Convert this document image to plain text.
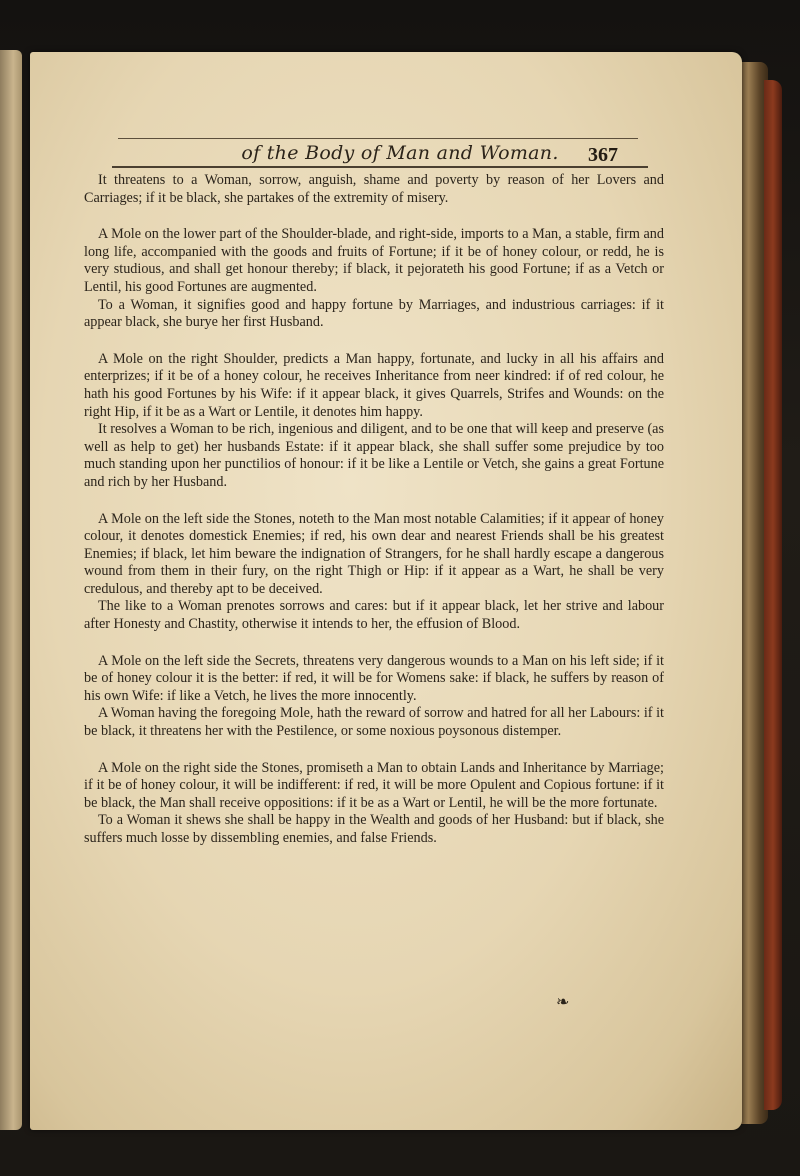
of the Body of Man and Woman.	367

It threatens to a Woman, sorrow, anguish, shame and poverty by reason of her Lovers and Carriages; if it be black, she partakes of the extremity of misery.

A Mole on the lower part of the Shoulder-blade, and right-side, imports to a Man, a stable, firm and long life, accompanied with the goods and fruits of Fortune; if it be of honey colour, or redd, he is very studious, and shall get honour thereby; if black, it pejorateth his good Fortune; if as a Vetch or Lentil, his good Fortunes are augmented.

To a Woman, it signifies good and happy fortune by Marriages, and industrious carriages: if it appear black, she burye her first Husband.

A Mole on the right Shoulder, predicts a Man happy, fortunate, and lucky in all his affairs and enterprizes; if it be of a honey colour, he receives Inheritance from neer kindred: if of red colour, he hath his good Fortunes by his Wife: if it appear black, it gives Quarrels, Strifes and Wounds: on the right Hip, if it be as a Wart or Lentile, it denotes him happy.

It resolves a Woman to be rich, ingenious and diligent, and to be one that will keep and preserve (as well as help to get) her husbands Estate: if it appear black, she shall suffer some prejudice by too much standing upon her punctilios of honour: if it be like a Lentile or Vetch, she gains a great Fortune and rich by her Husband.

A Mole on the left side the Stones, noteth to the Man most notable Calamities; if it appear of honey colour, it denotes domestick Enemies; if red, his own dear and nearest Friends shall be his greatest Enemies; if black, let him beware the indignation of Strangers, for he shall hardly escape a dangerous wound from them in their fury, on the right Thigh or Hip: if it appear as a Wart, he shall be very credulous, and thereby apt to be deceived.

The like to a Woman prenotes sorrows and cares: but if it appear black, let her strive and labour after Honesty and Chastity, otherwise it intends to her, the effusion of Blood.

A Mole on the left side the Secrets, threatens very dangerous wounds to a Man on his left side; if it be of honey colour it is the better: if red, it will be for Womens sake: if black, he suffers by reason of his own Wife: if like a Vetch, he lives the more innocently.

A Woman having the foregoing Mole, hath the reward of sorrow and hatred for all her Labours: if it be black, it threatens her with the Pestilence, or some noxious poysonous distemper.

A Mole on the right side the Stones, promiseth a Man to obtain Lands and Inheritance by Marriage; if it be of honey colour, it will be indifferent: if red, it will be more Opulent and Copious fortune: if it be black, the Man shall receive oppositions: if it be as a Wart or Lentil, he will be the more fortunate.

To a Woman it shews she shall be happy in the Wealth and goods of her Husband: but if black, she suffers much losse by dissembling enemies, and false Friends.

❧
